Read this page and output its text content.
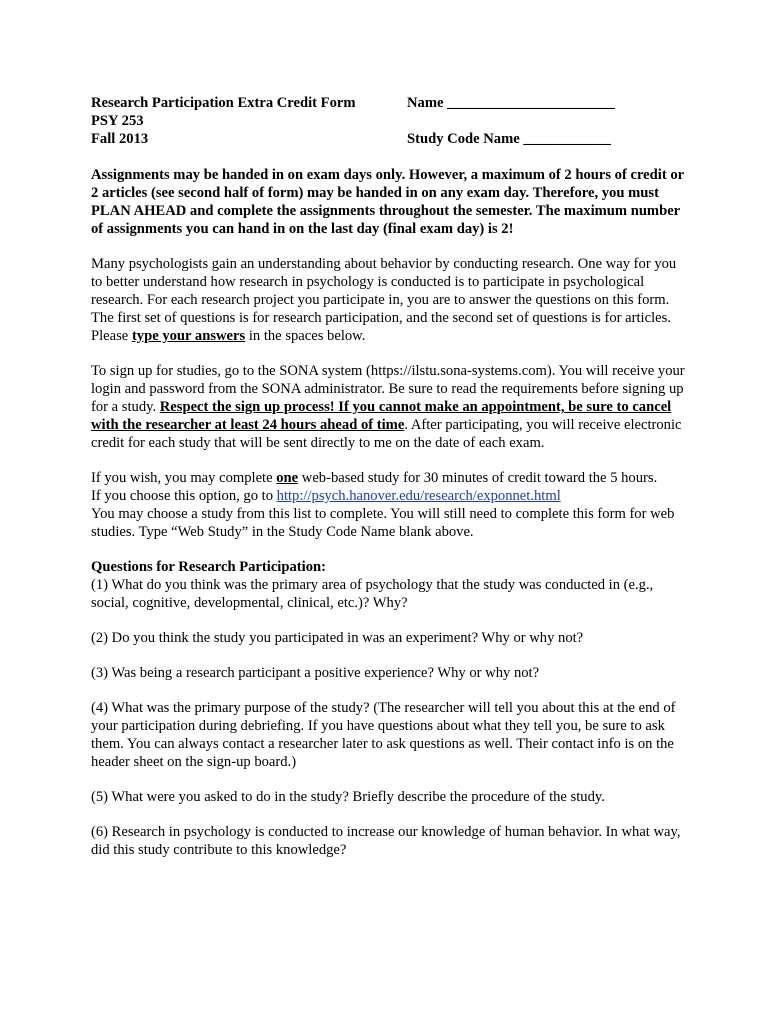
Research Participation Extra Credit Form
PSY 253
Fall 2013
Name _______________________
Study Code Name ____________
Assignments may be handed in on exam days only. However, a maximum of 2 hours of credit or 2 articles (see second half of form) may be handed in on any exam day. Therefore, you must PLAN AHEAD and complete the assignments throughout the semester. The maximum number of assignments you can hand in on the last day (final exam day) is 2!
Many psychologists gain an understanding about behavior by conducting research. One way for you to better understand how research in psychology is conducted is to participate in psychological research. For each research project you participate in, you are to answer the questions on this form. The first set of questions is for research participation, and the second set of questions is for articles. Please type your answers in the spaces below.
To sign up for studies, go to the SONA system (https://ilstu.sona-systems.com). You will receive your login and password from the SONA administrator. Be sure to read the requirements before signing up for a study. Respect the sign up process! If you cannot make an appointment, be sure to cancel with the researcher at least 24 hours ahead of time. After participating, you will receive electronic credit for each study that will be sent directly to me on the date of each exam.
If you wish, you may complete one web-based study for 30 minutes of credit toward the 5 hours.
If you choose this option, go to http://psych.hanover.edu/research/exponnet.html
You may choose a study from this list to complete. You will still need to complete this form for web studies. Type “Web Study” in the Study Code Name blank above.
Questions for Research Participation:
(1) What do you think was the primary area of psychology that the study was conducted in (e.g., social, cognitive, developmental, clinical, etc.)? Why?
(2) Do you think the study you participated in was an experiment? Why or why not?
(3) Was being a research participant a positive experience? Why or why not?
(4) What was the primary purpose of the study? (The researcher will tell you about this at the end of your participation during debriefing. If you have questions about what they tell you, be sure to ask them. You can always contact a researcher later to ask questions as well. Their contact info is on the header sheet on the sign-up board.)
(5) What were you asked to do in the study? Briefly describe the procedure of the study.
(6) Research in psychology is conducted to increase our knowledge of human behavior. In what way, did this study contribute to this knowledge?
